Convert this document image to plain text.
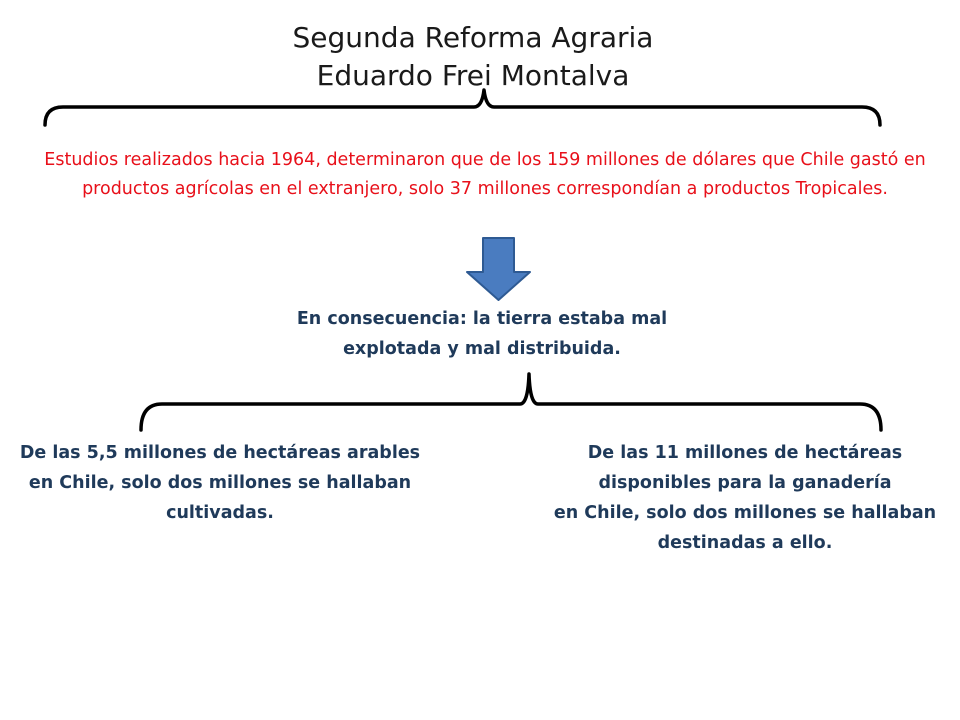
Segunda Reforma Agraria
Eduardo Frei Montalva
Estudios realizados hacia 1964, determinaron que de los 159 millones de dólares que Chile gastó en productos agrícolas en el extranjero, solo 37 millones correspondían a productos Tropicales.
En consecuencia: la tierra estaba mal explotada y mal distribuida.
De las 5,5 millones de hectáreas arables en Chile, solo dos millones se hallaban cultivadas.
De las 11 millones de hectáreas
disponibles para la ganadería
en Chile, solo dos millones se hallaban
destinadas a ello.
